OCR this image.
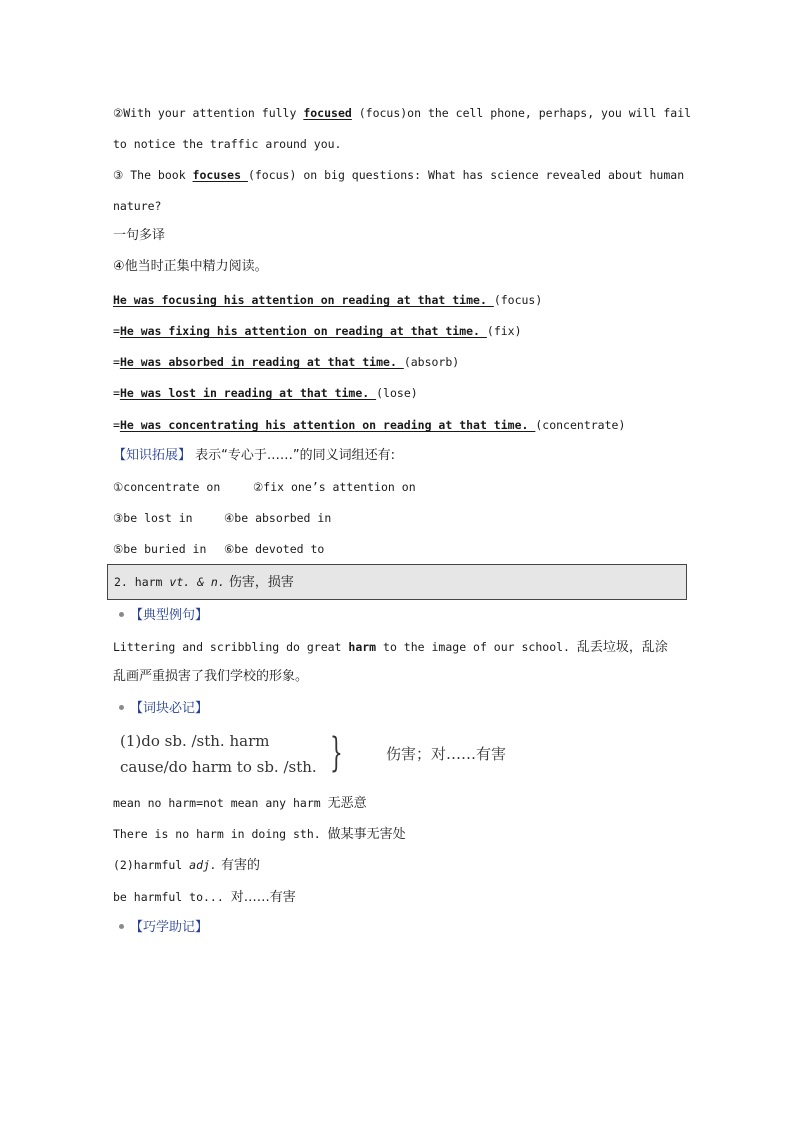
②With your attention fully focused (focus)on the cell phone, perhaps, you will fail
to notice the traffic around you.
③ The book focuses (focus) on big questions: What has science revealed about human
nature?
一句多译
④他当时正集中精力阅读。
He was focusing his attention on reading at that time. (focus)
=He was fixing his attention on reading at that time. (fix)
=He was absorbed in reading at that time. (absorb)
=He was lost in reading at that time. (lose)
=He was concentrating his attention on reading at that time. (concentrate)
【知识拓展】 表示“专心于……”的同义词组还有:
①concentrate on	②fix one’s attention on
③be lost in	④be absorbed in
⑤be buried in ⑥be devoted to
2. harm vt. & n. 伤害，损害
【典型例句】
Littering and scribbling do great harm to the image of our school. 乱丢垃圾，乱涂
乱画严重损害了我们学校的形象。
【词块必记】
(1)do sb. /sth. harm
cause/do harm to sb. /sth. }	伤害；对……有害
mean no harm=not mean any harm 无恶意
There is no harm in doing sth. 做某事无害处
(2)harmful adj. 有害的
be harmful to... 对……有害
【巧学助记】
